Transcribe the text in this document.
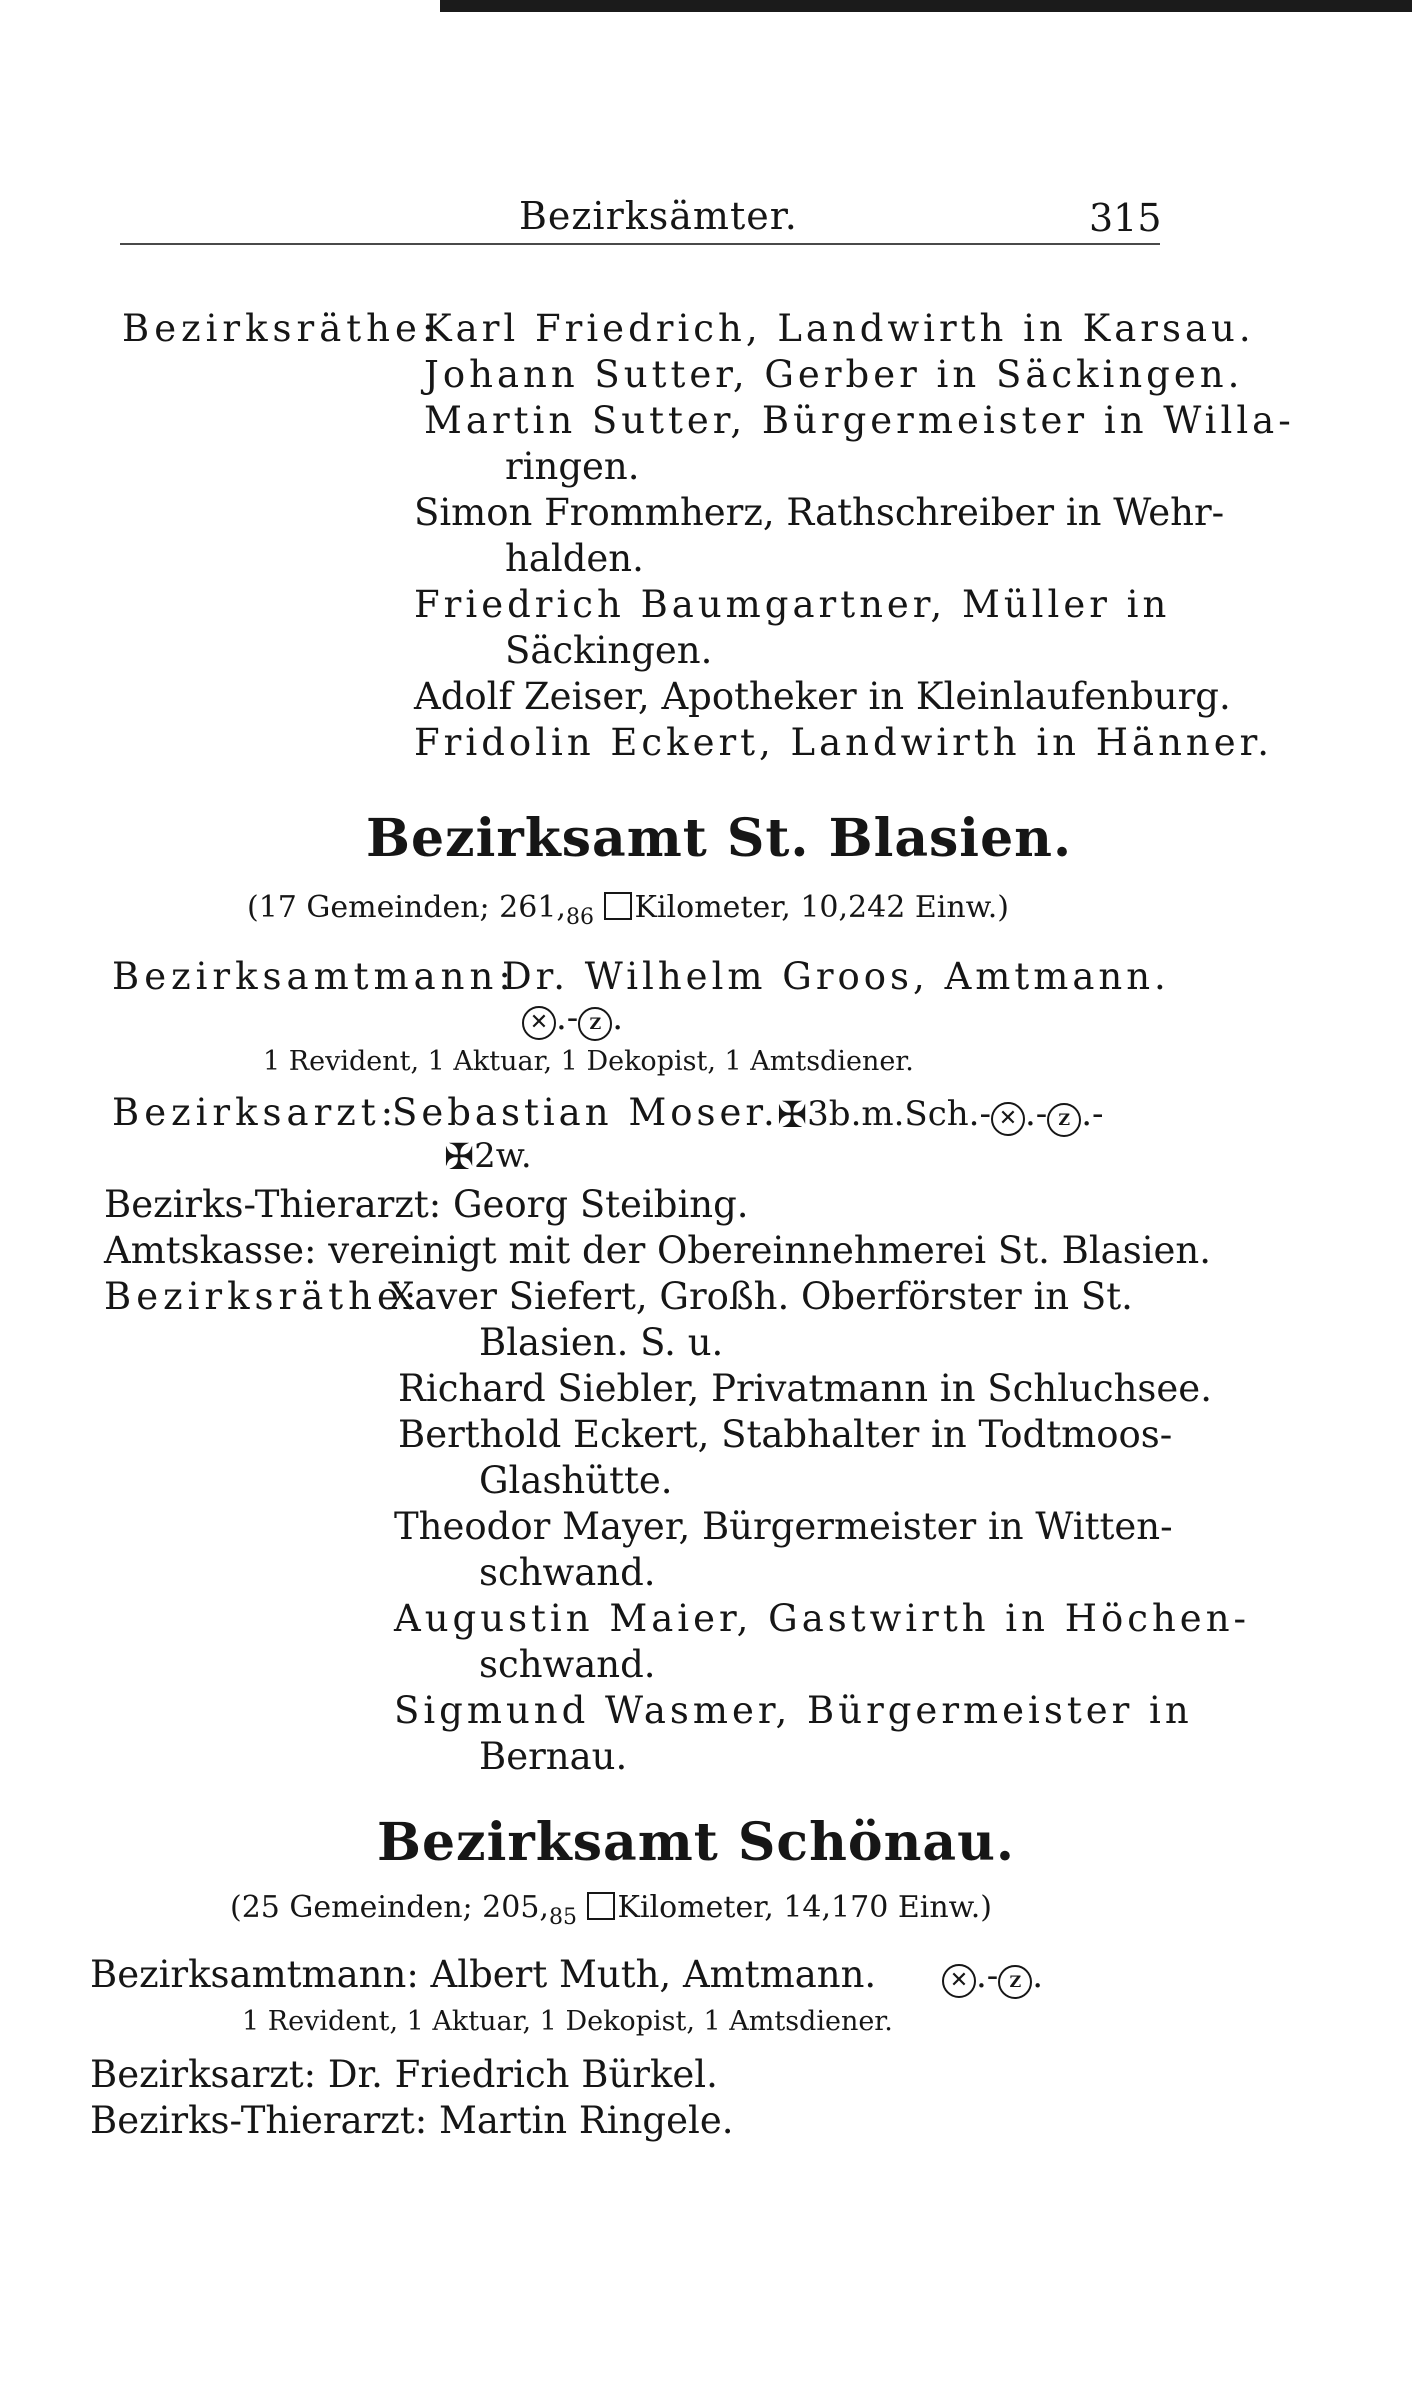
Bezirksämter.	315
Bezirksräthe:
Karl Friedrich, Landwirth in Karsau.
Johann Sutter, Gerber in Säckingen.
Martin Sutter, Bürgermeister in Willa-
ringen.
Simon Frommherz, Rathschreiber in Wehr-
halden.
Friedrich Baumgartner, Müller in
Säckingen.
Adolf Zeiser, Apotheker in Kleinlaufenburg.
Fridolin Eckert, Landwirth in Hänner.
Bezirksamt St. Blasien.
(17 Gemeinden; $261,_{86}$ Kilometer, 10,242 Einw.)
Bezirksamtmann:
Dr. Wilhelm Groos, Amtmann.
✕ .- Z .
1 Revident, 1 Aktuar, 1 Dekopist, 1 Amtsdiener.
Bezirksarzt:
Sebastian Moser.
✠3b.m.Sch.- ✕ .- Z .-
✠2w.
Bezirks-Thierarzt: Georg Steibing.
Amtskasse: vereinigt mit der Obereinnehmerei St. Blasien.
Bezirksräthe:
Xaver Siefert, Großh. Oberförster in St.
Blasien. S. u.
Richard Siebler, Privatmann in Schluchsee.
Berthold Eckert, Stabhalter in Todtmoos-
Glashütte.
Theodor Mayer, Bürgermeister in Witten-
schwand.
Augustin Maier, Gastwirth in Höchen-
schwand.
Sigmund Wasmer, Bürgermeister in
Bernau.
Bezirksamt Schönau.
(25 Gemeinden; $205,_{85}$ Kilometer, 14,170 Einw.)
Bezirksamtmann: Albert Muth, Amtmann.	✕ .- Z .
1 Revident, 1 Aktuar, 1 Dekopist, 1 Amtsdiener.
Bezirksarzt: Dr. Friedrich Bürkel.
Bezirks-Thierarzt: Martin Ringele.
